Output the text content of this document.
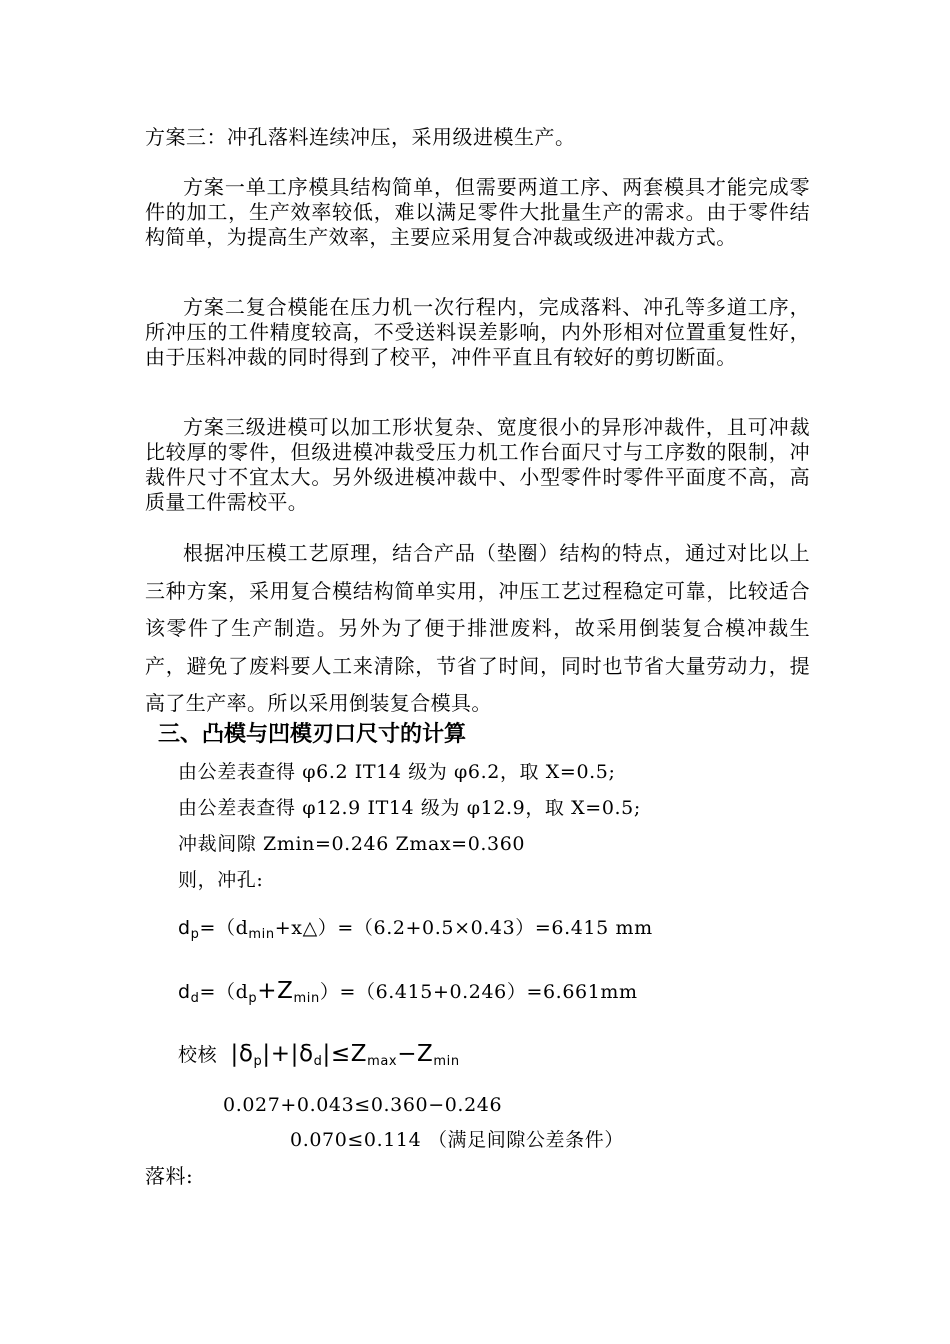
方案三：冲孔落料连续冲压，采用级进模生产。
方案一单工序模具结构简单，但需要两道工序、两套模具才能完成零件的加工，生产效率较低，难以满足零件大批量生产的需求。由于零件结构简单，为提高生产效率，主要应采用复合冲裁或级进冲裁方式。
方案二复合模能在压力机一次行程内，完成落料、冲孔等多道工序，所冲压的工件精度较高，不受送料误差影响，内外形相对位置重复性好，由于压料冲裁的同时得到了校平，冲件平直且有较好的剪切断面。
方案三级进模可以加工形状复杂、宽度很小的异形冲裁件，且可冲裁比较厚的零件，但级进模冲裁受压力机工作台面尺寸与工序数的限制，冲裁件尺寸不宜太大。另外级进模冲裁中、小型零件时零件平面度不高，高质量工件需校平。
根据冲压模工艺原理，结合产品（垫圈）结构的特点，通过对比以上三种方案，采用复合模结构简单实用，冲压工艺过程稳定可靠，比较适合该零件了生产制造。另外为了便于排泄废料，故采用倒装复合模冲裁生产，避免了废料要人工来清除，节省了时间，同时也节省大量劳动力，提高了生产率。所以采用倒装复合模具。
三、凸模与凹模刃口尺寸的计算
由公差表查得 φ6.2 IT14 级为 φ6.2，取 X=0.5;
由公差表查得 φ12.9 IT14 级为 φ12.9，取 X=0.5;
冲裁间隙 Zmin=0.246 Zmax=0.360
则，冲孔:
$d_p=(d_{min}+x\triangle)=(6.2+0.5\times 0.43)=6.415$ mm
$d_d=(d_p+Z_{min})=(6.415+0.246)=6.661mm$
校核 $|\delta_p|+|\delta_d|\le Z_{max}-Z_{min}$
0.027+0.043≤0.360−0.246
0.070≤0.114 （满足间隙公差条件）
落料:
